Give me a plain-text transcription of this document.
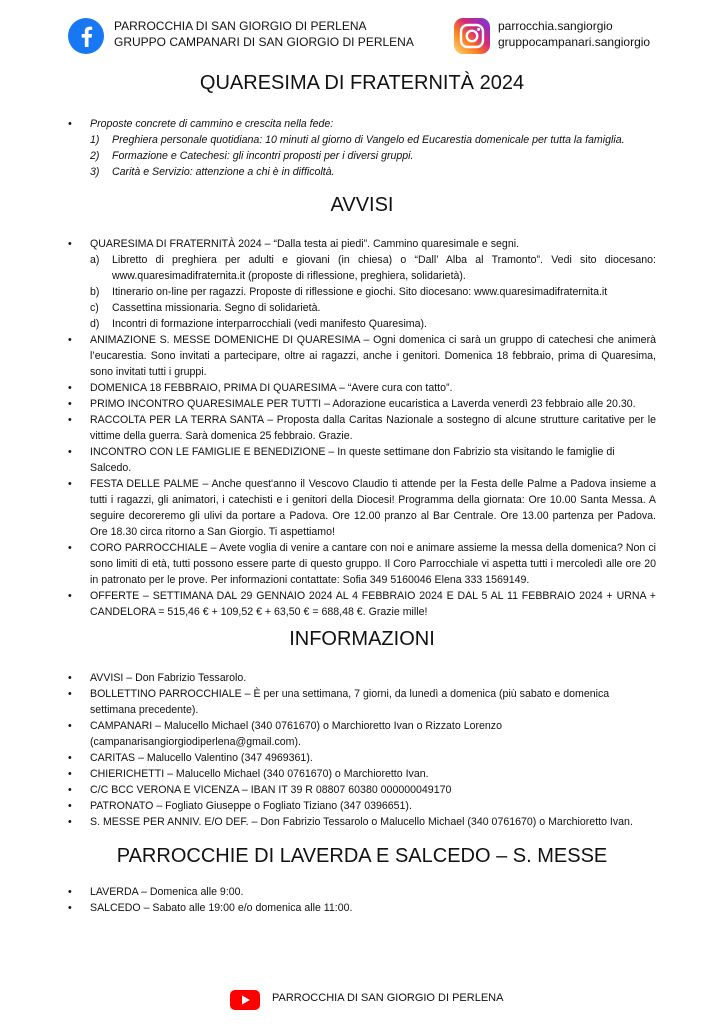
PARROCCHIA DI SAN GIORGIO DI PERLENA
GRUPPO CAMPANARI DI SAN GIORGIO DI PERLENA
parrocchia.sangiorgio
gruppocampanari.sangiorgio
QUARESIMA DI FRATERNITÀ 2024
• Proposte concrete di cammino e crescita nella fede:
1) Preghiera personale quotidiana: 10 minuti al giorno di Vangelo ed Eucarestia domenicale per tutta la famiglia.
2) Formazione e Catechesi: gli incontri proposti per i diversi gruppi.
3) Carità e Servizio: attenzione a chi è in difficoltà.
AVVISI
• QUARESIMA DI FRATERNITÀ 2024 – “Dalla testa ai piedi”. Cammino quaresimale e segni.
a) Libretto di preghiera per adulti e giovani (in chiesa) o “Dall’ Alba al Tramonto”. Vedi sito diocesano: www.quaresimadifraternita.it (proposte di riflessione, preghiera, solidarietà).
b) Itinerario on-line per ragazzi. Proposte di riflessione e giochi. Sito diocesano: www.quaresimadifraternita.it
c) Cassettina missionaria. Segno di solidarietà.
d) Incontri di formazione interparrocchiali (vedi manifesto Quaresima).
• ANIMAZIONE S. MESSE DOMENICHE DI QUARESIMA – Ogni domenica ci sarà un gruppo di catechesi che animerà l’eucarestia. Sono invitati a partecipare, oltre ai ragazzi, anche i genitori. Domenica 18 febbraio, prima di Quaresima, sono invitati tutti i gruppi.
• DOMENICA 18 FEBBRAIO, PRIMA DI QUARESIMA – “Avere cura con tatto”.
• PRIMO INCONTRO QUARESIMALE PER TUTTI – Adorazione eucaristica a Laverda venerdì 23 febbraio alle 20.30.
• RACCOLTA PER LA TERRA SANTA – Proposta dalla Caritas Nazionale a sostegno di alcune strutture caritative per le vittime della guerra. Sarà domenica 25 febbraio. Grazie.
• INCONTRO CON LE FAMIGLIE E BENEDIZIONE – In queste settimane don Fabrizio sta visitando le famiglie di Salcedo.
• FESTA DELLE PALME – Anche quest'anno il Vescovo Claudio ti attende per la Festa delle Palme a Padova insieme a tutti i ragazzi, gli animatori, i catechisti e i genitori della Diocesi! Programma della giornata: Ore 10.00 Santa Messa. A seguire decoreremo gli ulivi da portare a Padova. Ore 12.00 pranzo al Bar Centrale. Ore 13.00 partenza per Padova. Ore 18.30 circa ritorno a San Giorgio. Ti aspettiamo!
• CORO PARROCCHIALE – Avete voglia di venire a cantare con noi e animare assieme la messa della domenica? Non ci sono limiti di età, tutti possono essere parte di questo gruppo. Il Coro Parrocchiale vi aspetta tutti i mercoledì alle ore 20 in patronato per le prove. Per informazioni contattate: Sofia 349 5160046 Elena 333 1569149.
• OFFERTE – SETTIMANA DAL 29 GENNAIO 2024 AL 4 FEBBRAIO 2024 E DAL 5 AL 11 FEBBRAIO 2024 + URNA + CANDELORA = 515,46 € + 109,52 € + 63,50 € = 688,48 €. Grazie mille!
INFORMAZIONI
• AVVISI – Don Fabrizio Tessarolo.
• BOLLETTINO PARROCCHIALE – È per una settimana, 7 giorni, da lunedì a domenica (più sabato e domenica settimana precedente).
• CAMPANARI – Malucello Michael (340 0761670) o Marchioretto Ivan o Rizzato Lorenzo (campanarisangiorgiodiperlena@gmail.com).
• CARITAS – Malucello Valentino (347 4969361).
• CHIERICHETTI – Malucello Michael (340 0761670) o Marchioretto Ivan.
• C/C BCC VERONA E VICENZA – IBAN IT 39 R 08807 60380 000000049170
• PATRONATO – Fogliato Giuseppe o Fogliato Tiziano (347 0396651).
• S. MESSE PER ANNIV. E/O DEF. – Don Fabrizio Tessarolo o Malucello Michael (340 0761670) o Marchioretto Ivan.
PARROCCHIE DI LAVERDA E SALCEDO – S. MESSE
• LAVERDA – Domenica alle 9:00.
• SALCEDO – Sabato alle 19:00 e/o domenica alle 11:00.
PARROCCHIA DI SAN GIORGIO DI PERLENA
